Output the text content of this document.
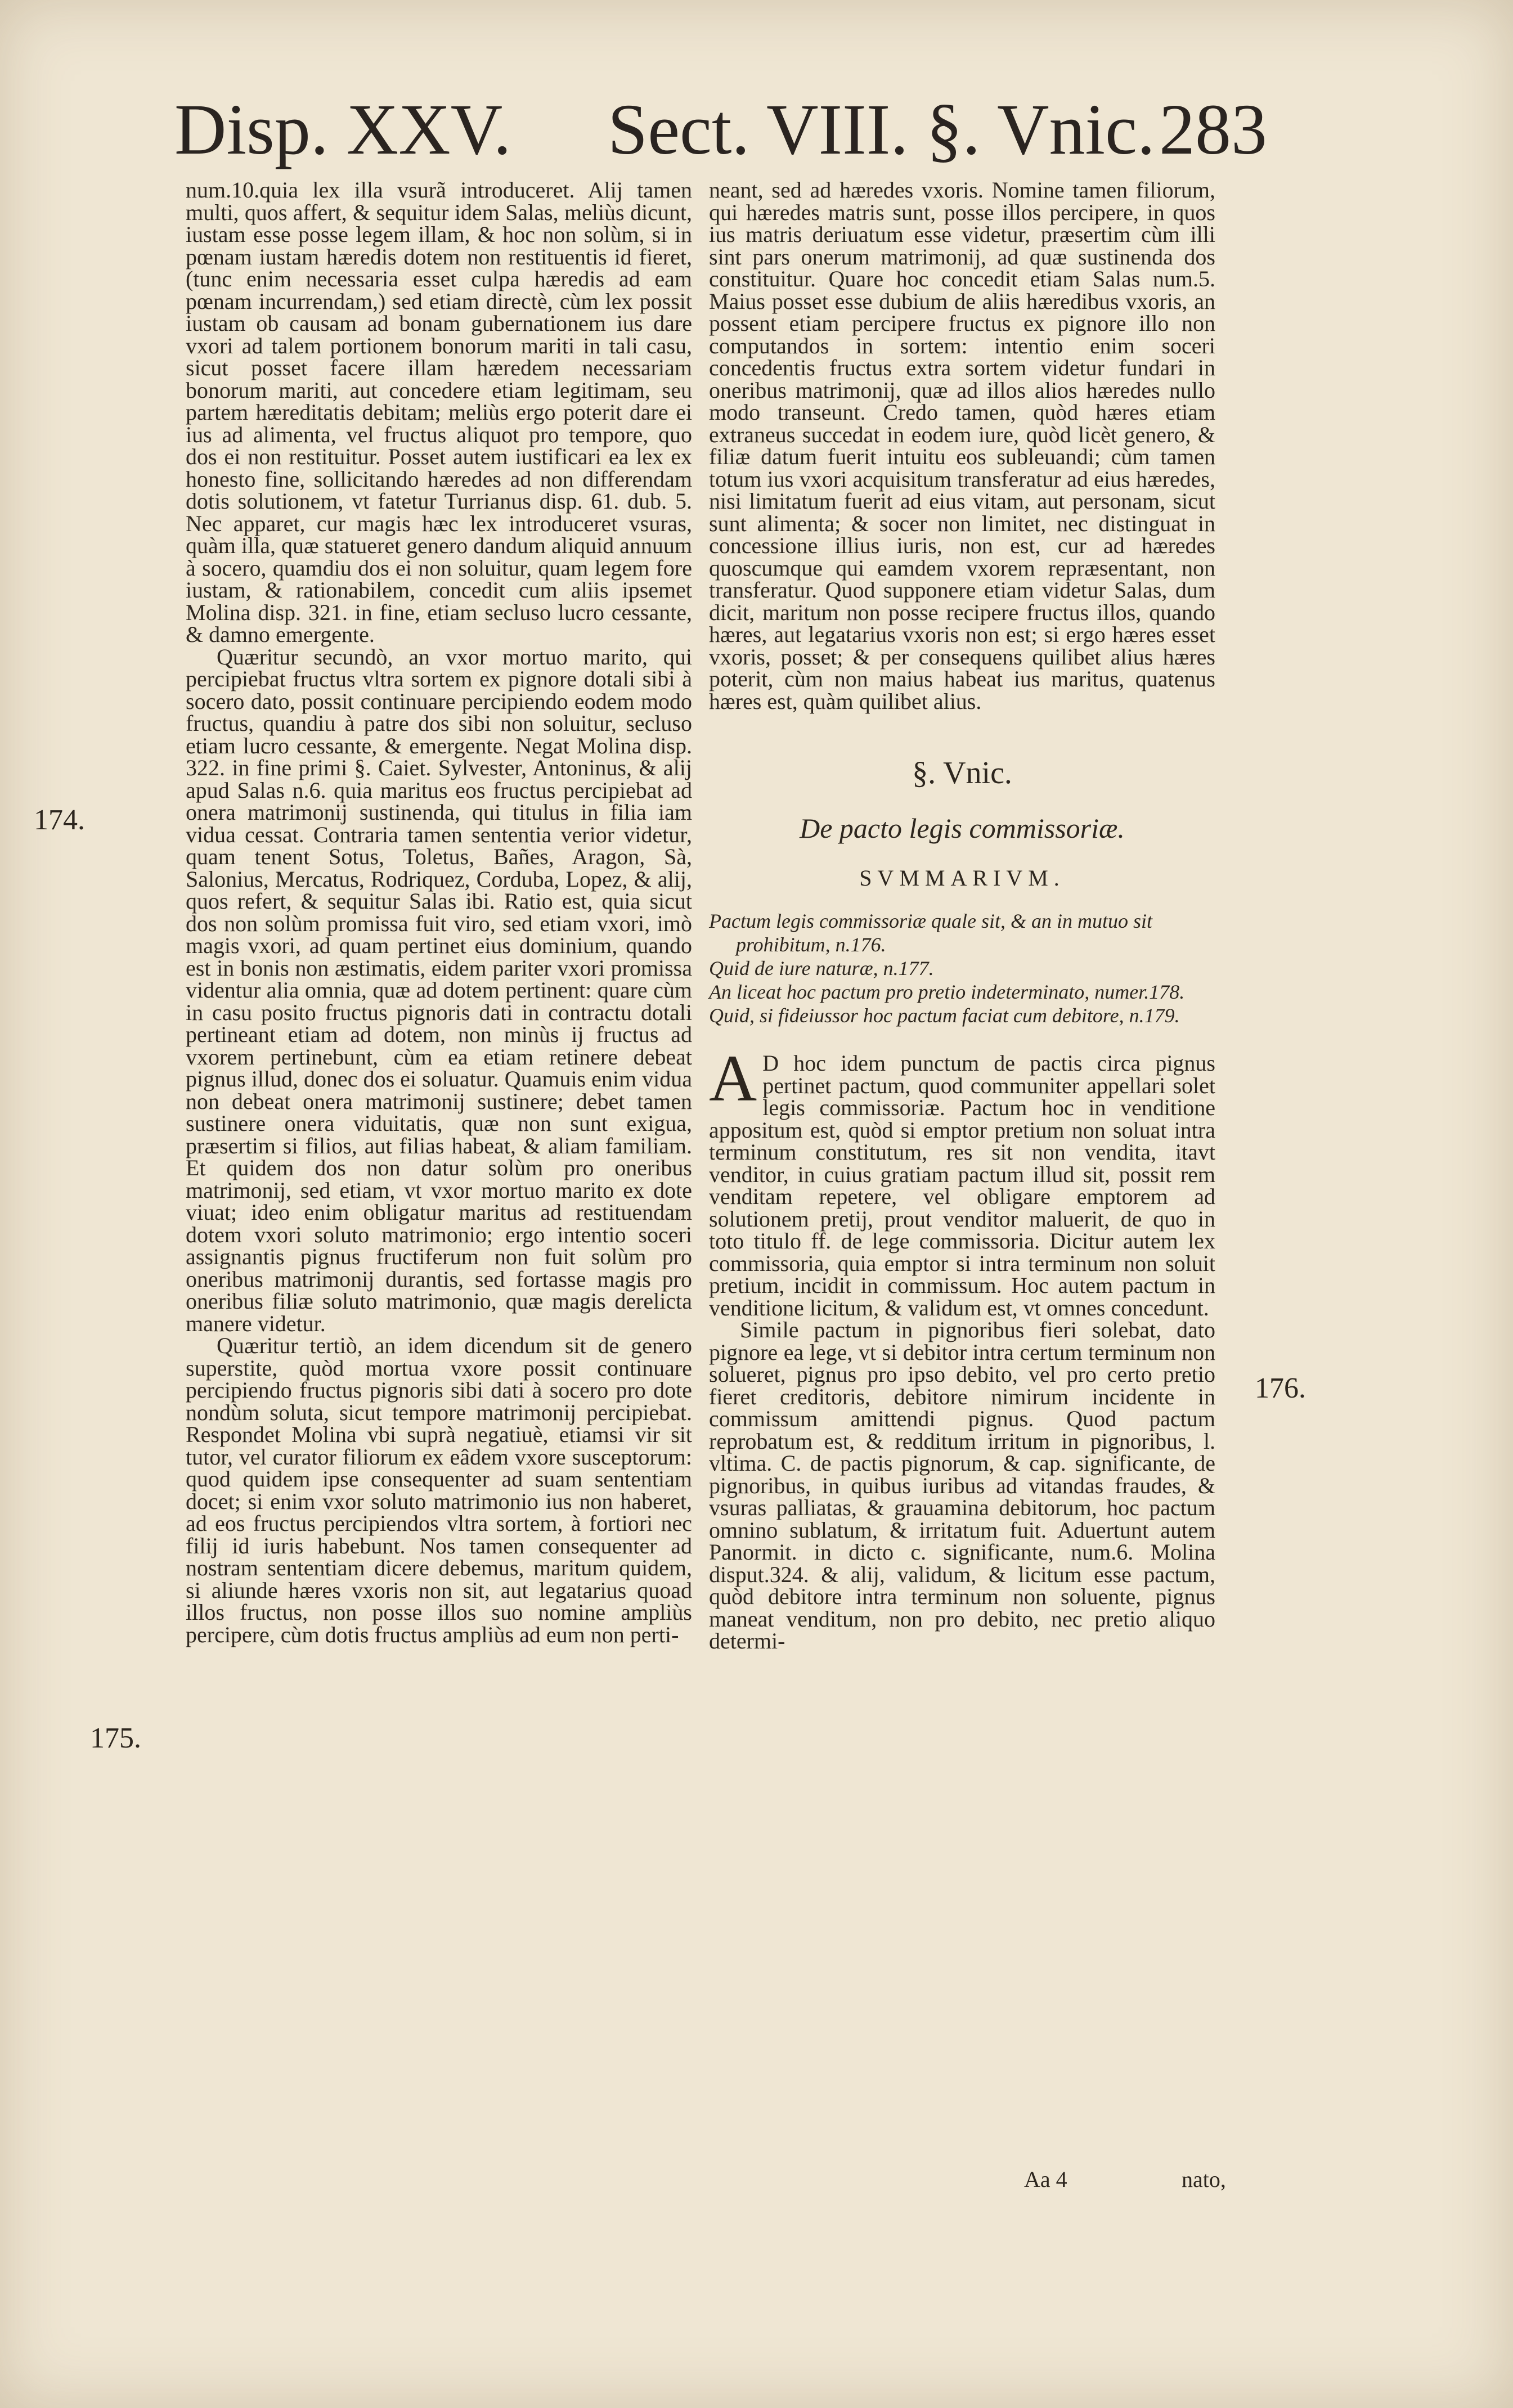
Disp. XXV. Sect. VIII. §. Vnic. 283

num.10.quia lex illa vsurã introduceret. Alij tamen multi, quos affert, & sequitur idem Salas, meliùs dicunt, iustam esse posse legem illam, & hoc non solùm, si in pœnam iustam hæredis dotem non restituentis id fieret, (tunc enim necessaria esset culpa hæredis ad eam pœnam incurrendam,) sed etiam directè, cùm lex possit iustam ob causam ad bonam gubernationem ius dare vxori ad talem portionem bonorum mariti in tali casu, sicut posset facere illam hæredem necessariam bonorum mariti, aut concedere etiam legitimam, seu partem hæreditatis debitam; meliùs ergo poterit dare ei ius ad alimenta, vel fructus aliquot pro tempore, quo dos ei non restituitur. Posset autem iustificari ea lex ex honesto fine, sollicitando hæredes ad non differendam dotis solutionem, vt fatetur Turrianus disp. 61. dub. 5. Nec apparet, cur magis hæc lex introduceret vsuras, quàm illa, quæ statueret genero dandum aliquid annuum à socero, quamdiu dos ei non soluitur, quam legem fore iustam, & rationabilem, concedit cum aliis ipsemet Molina disp. 321. in fine, etiam secluso lucro cessante, & damno emergente.

Quæritur secundò, an vxor mortuo marito, qui percipiebat fructus vltra sortem ex pignore dotali sibi à socero dato, possit continuare percipiendo eodem modo fructus, quandiu à patre dos sibi non soluitur, secluso etiam lucro cessante, & emergente. Negat Molina disp. 322. in fine primi §. Caiet. Sylvester, Antoninus, & alij apud Salas n.6. quia maritus eos fructus percipiebat ad onera matrimonij sustinenda, qui titulus in filia iam vidua cessat. Contraria tamen sententia verior videtur, quam tenent Sotus, Toletus, Bañes, Aragon, Sà, Salonius, Mercatus, Rodriquez, Corduba, Lopez, & alij, quos refert, & sequitur Salas ibi. Ratio est, quia sicut dos non solùm promissa fuit viro, sed etiam vxori, imò magis vxori, ad quam pertinet eius dominium, quando est in bonis non æstimatis, eidem pariter vxori promissa videntur alia omnia, quæ ad dotem pertinent: quare cùm in casu posito fructus pignoris dati in contractu dotali pertineant etiam ad dotem, non minùs ij fructus ad vxorem pertinebunt, cùm ea etiam retinere debeat pignus illud, donec dos ei soluatur. Quamuis enim vidua non debeat onera matrimonij sustinere; debet tamen sustinere onera viduitatis, quæ non sunt exigua, præsertim si filios, aut filias habeat, & aliam familiam. Et quidem dos non datur solùm pro oneribus matrimonij, sed etiam, vt vxor mortuo marito ex dote viuat; ideo enim obligatur maritus ad restituendam dotem vxori soluto matrimonio; ergo intentio soceri assignantis pignus fructiferum non fuit solùm pro oneribus matrimonij durantis, sed fortasse magis pro oneribus filiæ soluto matrimonio, quæ magis derelicta manere videtur.

Quæritur tertiò, an idem dicendum sit de genero superstite, quòd mortua vxore possit continuare percipiendo fructus pignoris sibi dati à socero pro dote nondùm soluta, sicut tempore matrimonij percipiebat. Respondet Molina vbi suprà negatiuè, etiamsi vir sit tutor, vel curator filiorum ex eâdem vxore susceptorum: quod quidem ipse consequenter ad suam sententiam docet; si enim vxor soluto matrimonio ius non haberet, ad eos fructus percipiendos vltra sortem, à fortiori nec filij id iuris habebunt. Nos tamen consequenter ad nostram sententiam dicere debemus, maritum quidem, si aliunde hæres vxoris non sit, aut legatarius quoad illos fructus, non posse illos suo nomine ampliùs percipere, cùm dotis fructus ampliùs ad eum non perti-

174.
175.

neant, sed ad hæredes vxoris. Nomine tamen filiorum, qui hæredes matris sunt, posse illos percipere, in quos ius matris deriuatum esse videtur, præsertim cùm illi sint pars onerum matrimonij, ad quæ sustinenda dos constituitur. Quare hoc concedit etiam Salas num.5. Maius posset esse dubium de aliis hæredibus vxoris, an possent etiam percipere fructus ex pignore illo non computandos in sortem: intentio enim soceri concedentis fructus extra sortem videtur fundari in oneribus matrimonij, quæ ad illos alios hæredes nullo modo transeunt. Credo tamen, quòd hæres etiam extraneus succedat in eodem iure, quòd licèt genero, & filiæ datum fuerit intuitu eos subleuandi; cùm tamen totum ius vxori acquisitum transferatur ad eius hæredes, nisi limitatum fuerit ad eius vitam, aut personam, sicut sunt alimenta; & socer non limitet, nec distinguat in concessione illius iuris, non est, cur ad hæredes quoscumque qui eamdem vxorem repræsentant, non transferatur. Quod supponere etiam videtur Salas, dum dicit, maritum non posse recipere fructus illos, quando hæres, aut legatarius vxoris non est; si ergo hæres esset vxoris, posset; & per consequens quilibet alius hæres poterit, cùm non maius habeat ius maritus, quatenus hæres est, quàm quilibet alius.

§. Vnic.

De pacto legis commissoriæ.

SVMMARIVM.

Pactum legis commissoriæ quale sit, & an in mutuo sit prohibitum, n.176.

Quid de iure naturæ, n.177.

An liceat hoc pactum pro pretio indeterminato, numer.178.

Quid, si fideiussor hoc pactum faciat cum debitore, n.179.

A D hoc idem punctum de pactis circa pignus pertinet pactum, quod communiter appellari solet legis commissoriæ. Pactum hoc in venditione appositum est, quòd si emptor pretium non soluat intra terminum constitutum, res sit non vendita, itavt venditor, in cuius gratiam pactum illud sit, possit rem venditam repetere, vel obligare emptorem ad solutionem pretij, prout venditor maluerit, de quo in toto titulo ff. de lege commissoria. Dicitur autem lex commissoria, quia emptor si intra terminum non soluit pretium, incidit in commissum. Hoc autem pactum in venditione licitum, & validum est, vt omnes concedunt.

Simile pactum in pignoribus fieri solebat, dato pignore ea lege, vt si debitor intra certum terminum non solueret, pignus pro ipso debito, vel pro certo pretio fieret creditoris, debitore nimirum incidente in commissum amittendi pignus. Quod pactum reprobatum est, & redditum irritum in pignoribus, l. vltima. C. de pactis pignorum, & cap. significante, de pignoribus, in quibus iuribus ad vitandas fraudes, & vsuras palliatas, & grauamina debitorum, hoc pactum omnino sublatum, & irritatum fuit. Aduertunt autem Panormit. in dicto c. significante, num.6. Molina disput.324. & alij, validum, & licitum esse pactum, quòd debitore intra terminum non soluente, pignus maneat venditum, non pro debito, nec pretio aliquo determi-

176.
Aa 4	nato,
